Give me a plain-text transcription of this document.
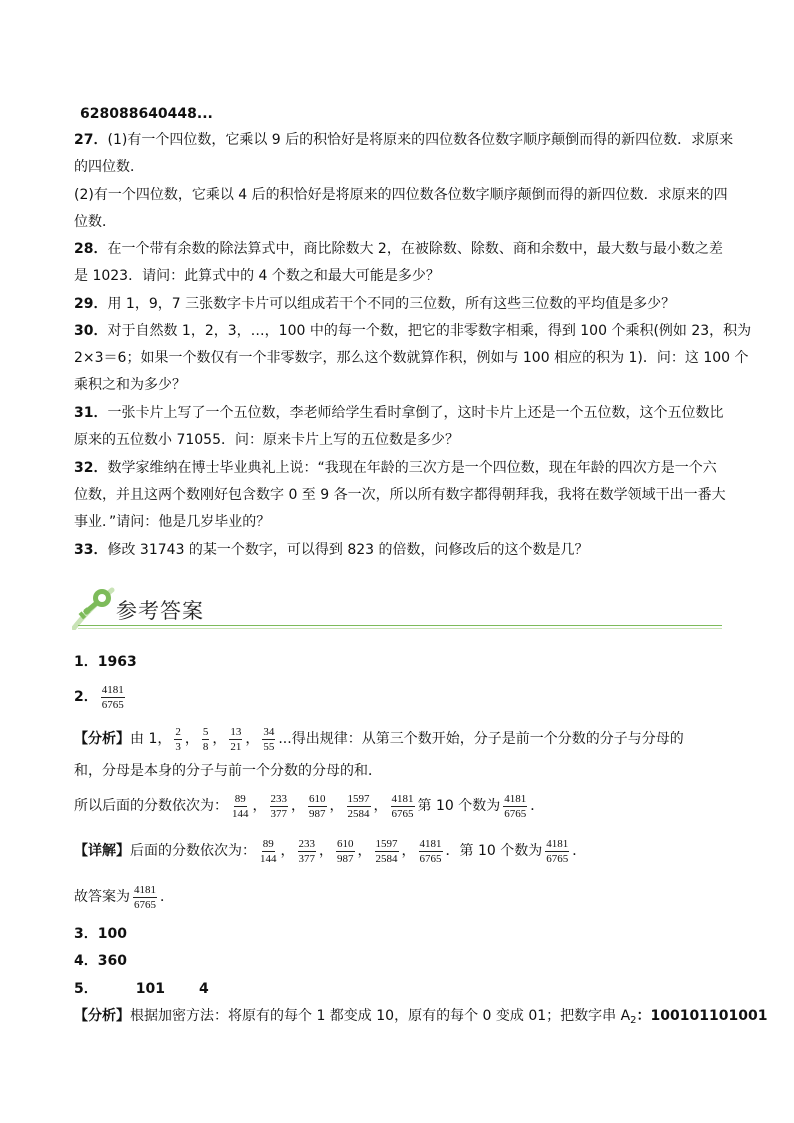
628088640448...
27．(1)有一个四位数，它乘以 9 后的积恰好是将原来的四位数各位数字顺序颠倒而得的新四位数．求原来
的四位数．
(2)有一个四位数，它乘以 4 后的积恰好是将原来的四位数各位数字顺序颠倒而得的新四位数．求原来的四
位数．
28．在一个带有余数的除法算式中，商比除数大 2，在被除数、除数、商和余数中，最大数与最小数之差
是 1023．请问：此算式中的 4 个数之和最大可能是多少？
29．用 1，9，7 三张数字卡片可以组成若干个不同的三位数，所有这些三位数的平均值是多少？
30．对于自然数 1，2，3，…，100 中的每一个数，把它的非零数字相乘，得到 100 个乘积(例如 23，积为
2×3＝6；如果一个数仅有一个非零数字，那么这个数就算作积，例如与 100 相应的积为 1)．问：这 100 个
乘积之和为多少？
31．一张卡片上写了一个五位数，李老师给学生看时拿倒了，这时卡片上还是一个五位数，这个五位数比
原来的五位数小 71055．问：原来卡片上写的五位数是多少？
32．数学家维纳在博士毕业典礼上说：“我现在年龄的三次方是一个四位数，现在年龄的四次方是一个六
位数，并且这两个数刚好包含数字 0 至 9 各一次，所以所有数字都得朝拜我，我将在数学领域干出一番大
事业．”请问：他是几岁毕业的？
33．修改 31743 的某一个数字，可以得到 823 的倍数，问修改后的这个数是几？
参考答案
1．1963
2． $\frac{4181}{6765}$
【分析】由 1， $\frac{2}{3}$ ， $\frac{5}{8}$ ， $\frac{13}{21}$ ， $\frac{34}{55}$ ...得出规律：从第三个数开始，分子是前一个分数的分子与分母的
和，分母是本身的分子与前一个分数的分母的和．
所以后面的分数依次为： $\frac{89}{144}$ ， $\frac{233}{377}$ ， $\frac{610}{987}$ ， $\frac{1597}{2584}$ ， $\frac{4181}{6765}$ 第 10 个数为 $\frac{4181}{6765}$ ．
【详解】后面的分数依次为： $\frac{89}{144}$ ， $\frac{233}{377}$ ， $\frac{610}{987}$ ， $\frac{1597}{2584}$ ， $\frac{4181}{6765}$ ．第 10 个数为 $\frac{4181}{6765}$ ．
故答案为 $\frac{4181}{6765}$ ．
3．100
4．360
5．	101 4
【分析】根据加密方法：将原有的每个 1 都变成 10，原有的每个 0 变成 01；把数字串 $A_2$：100101101001
